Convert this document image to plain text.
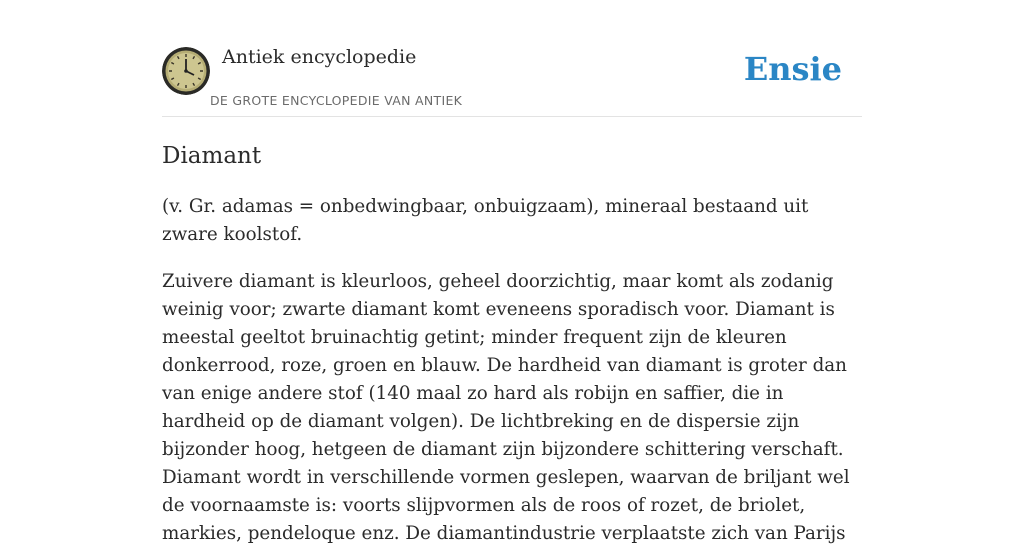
Antiek encyclopedie
DE GROTE ENCYCLOPEDIE VAN ANTIEK
Ensie
Diamant

(v. Gr. adamas = onbedwingbaar, onbuigzaam), mineraal bestaand uit zware koolstof.

Zuivere diamant is kleurloos, geheel doorzichtig, maar komt als zodanig weinig voor; zwarte diamant komt eveneens sporadisch voor. Diamant is meestal geeltot bruinachtig getint; minder frequent zijn de kleuren donkerrood, roze, groen en blauw. De hardheid van diamant is groter dan van enige andere stof (140 maal zo hard als robijn en saffier, die in hardheid op de diamant volgen). De lichtbreking en de dispersie zijn bijzonder hoog, hetgeen de diamant zijn bijzondere schittering verschaft. Diamant wordt in verschillende vormen geslepen, waarvan de briljant wel de voornaamste is: voorts slijpvormen als de roos of rozet, de briolet, markies, pendeloque enz. De diamantindustrie verplaatste zich van Parijs
